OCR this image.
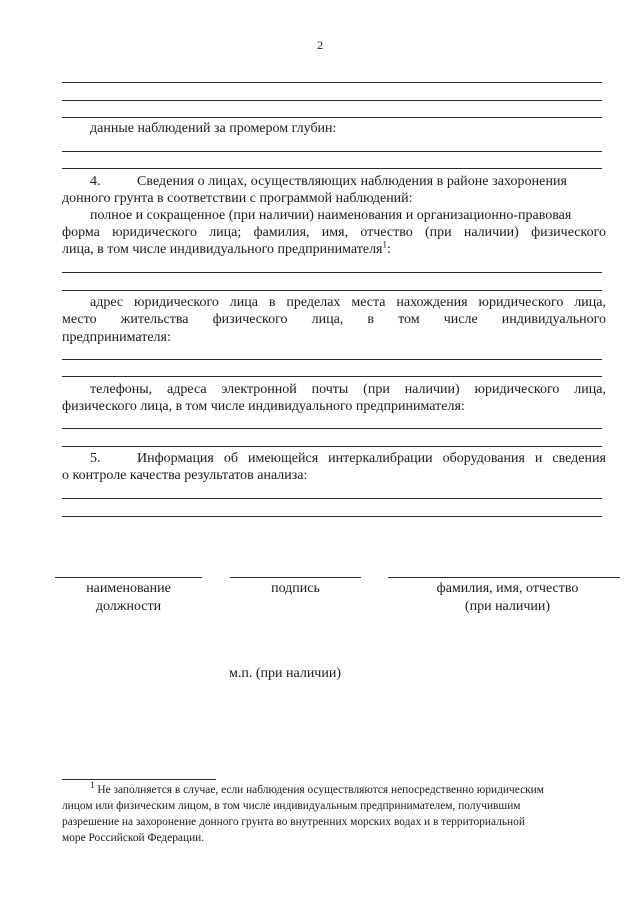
2
данные наблюдений за промером глубин:
4.	Сведения о лицах, осуществляющих наблюдения в районе захоронения
донного грунта в соответствии с программой наблюдений:
полное и сокращенное (при наличии) наименования и организационно-правовая
форма юридического лица; фамилия, имя, отчество (при наличии) физического
лица, в том числе индивидуального предпринимателя$^1$:
адрес юридического лица в пределах места нахождения юридического лица,
место жительства физического лица, в том числе индивидуального
предпринимателя:
телефоны, адреса электронной почты (при наличии) юридического лица,
физического лица, в том числе индивидуального предпринимателя:
5.	Информация об имеющейся интеркалибрации оборудования и сведения
о контроле качества результатов анализа:
наименование
должности
подпись	фамилия, имя, отчество
(при наличии)
м.п. (при наличии)
$^1$ Не заполняется в случае, если наблюдения осуществляются непосредственно юридическим
лицом или физическим лицом, в том числе индивидуальным предпринимателем, получившим
разрешение на захоронение донного грунта во внутренних морских водах и в территориальной
море Российской Федерации.
